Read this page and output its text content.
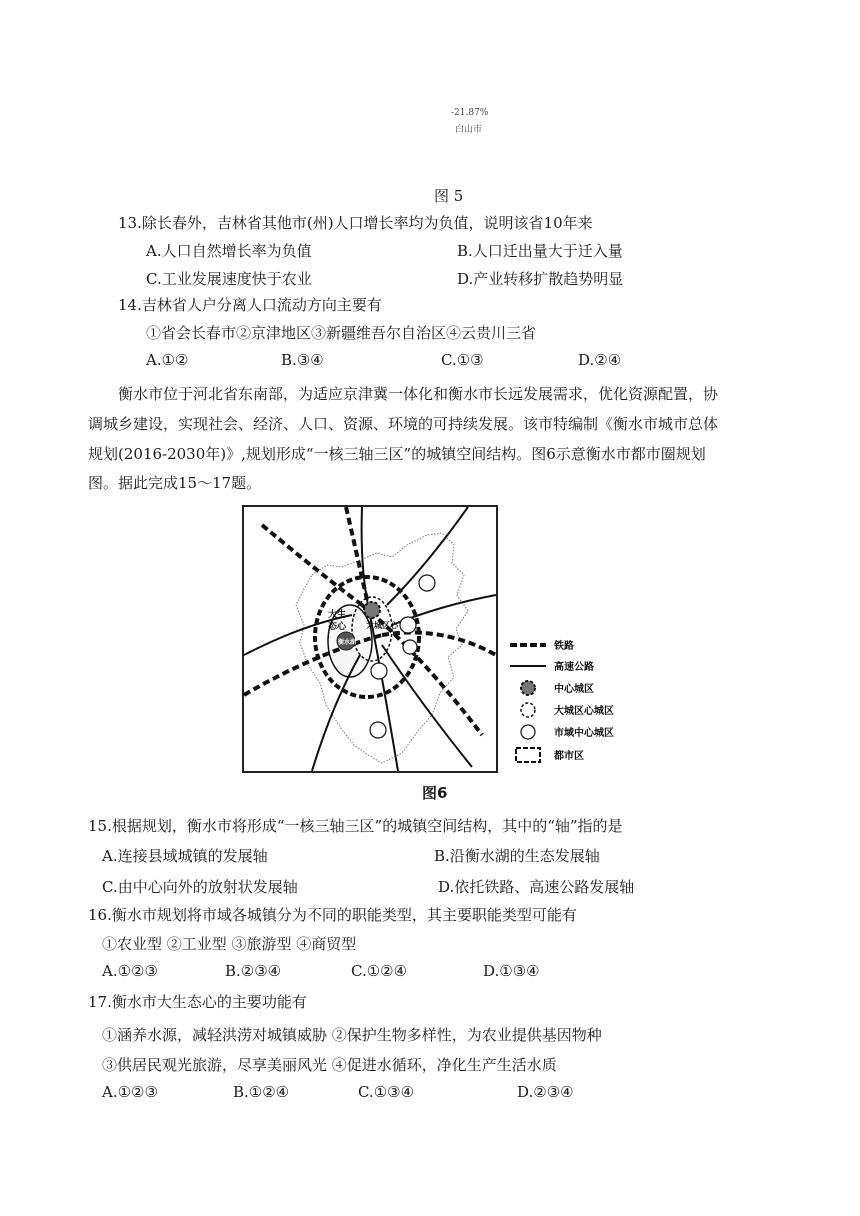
-21.87%
白山市
图 5
13.除长春外，吉林省其他市(州)人口增长率均为负值，说明该省10年来
A.人口自然增长率为负值	B.人口迁出量大于迁入量
C.工业发展速度快于农业	D.产业转移扩散趋势明显
14.吉林省人户分离人口流动方向主要有
①省会长春市②京津地区③新疆维吾尔自治区④云贵川三省
A.①②	B.③④	C.①③	D.②④
衡水市位于河北省东南部，为适应京津冀一体化和衡水市长远发展需求，优化资源配置，协
调城乡建设，实现社会、经济、人口、资源、环境的可持续发展。该市特编制《衡水市城市总体
规划(2016-2030年)》,规划形成“一核三轴三区”的城镇空间结构。图6示意衡水市都市圈规划
图。据此完成15～17题。
大生
态心 大城区心
衡水湖	铁路
高速公路
中心城区
大城区心城区
市域中心城区
都市区
图6
15.根据规划，衡水市将形成“一核三轴三区”的城镇空间结构，其中的“轴”指的是
A.连接县域城镇的发展轴	B.沿衡水湖的生态发展轴
C.由中心向外的放射状发展轴	D.依托铁路、高速公路发展轴
16.衡水市规划将市域各城镇分为不同的职能类型，其主要职能类型可能有
①农业型 ②工业型 ③旅游型 ④商贸型
A.①②③	B.②③④	C.①②④	D.①③④
17.衡水市大生态心的主要功能有
①涵养水源，减轻洪涝对城镇威胁 ②保护生物多样性，为农业提供基因物种
③供居民观光旅游，尽享美丽风光 ④促进水循环，净化生产生活水质
A.①②③	B.①②④	C.①③④	D.②③④
